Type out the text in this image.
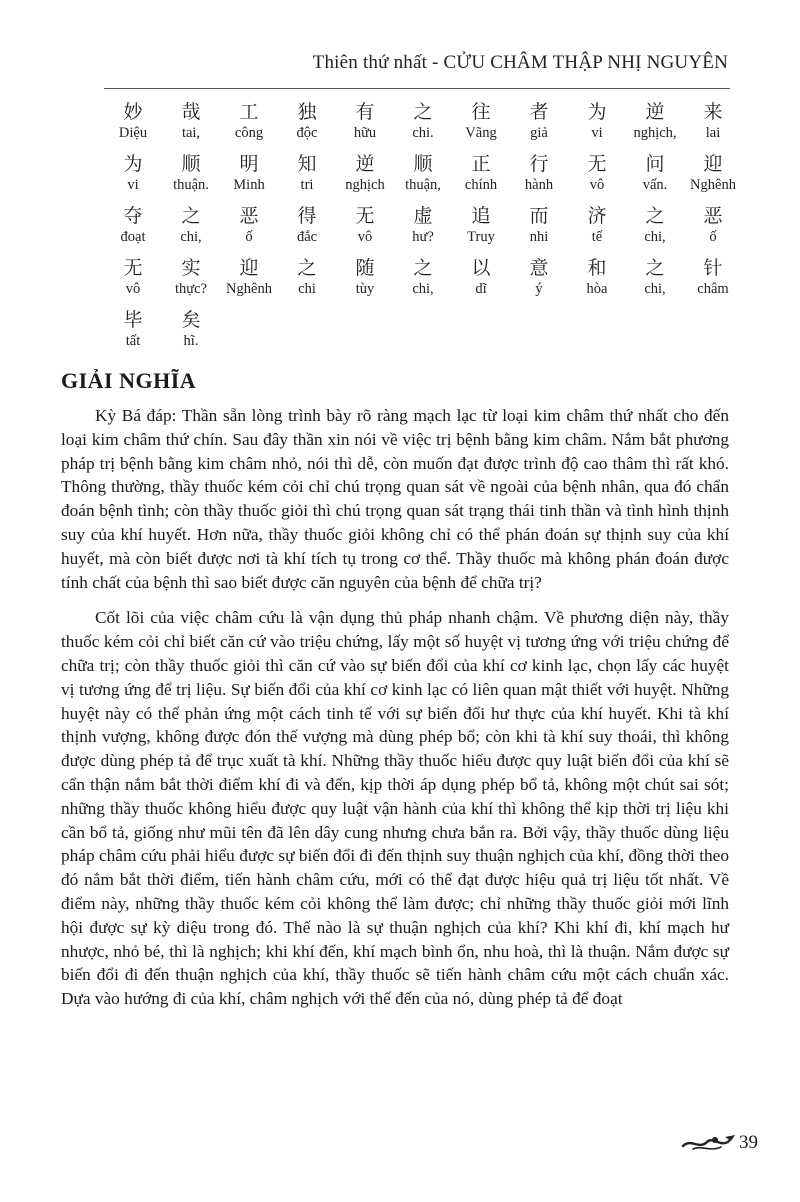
Thiên thứ nhất - CỬU CHÂM THẬP NHỊ NGUYÊN
妙
Diệu
哉
tai,
工
công
独
độc
有
hữu
之
chi.
往
Vãng
者
giả
为
vi
逆
nghịch,
来
lai
为
vi
顺
thuận.
明
Minh
知
tri
逆
nghịch
顺
thuận,
正
chính
行
hành
无
vô
问
vấn.
迎
Nghênh
夺
đoạt
之
chi,
恶
ố
得
đắc
无
vô
虚
hư?
追
Truy
而
nhi
济
tế
之
chi,
恶
ố
无
vô
实
thực?
迎
Nghênh
之
chi
随
tùy
之
chi,
以
dĩ
意
ý
和
hòa
之
chi,
针
châm
毕
tất
矣
hĩ.
GIẢI NGHĨA

Kỳ Bá đáp: Thần sẵn lòng trình bày rõ ràng mạch lạc từ loại kim châm thứ nhất cho đến loại kim châm thứ chín. Sau đây thần xin nói về việc trị bệnh bằng kim châm. Nắm bắt phương pháp trị bệnh bằng kim châm nhỏ, nói thì dễ, còn muốn đạt được trình độ cao thâm thì rất khó. Thông thường, thầy thuốc kém cỏi chỉ chú trọng quan sát về ngoài của bệnh nhân, qua đó chẩn đoán bệnh tình; còn thầy thuốc giỏi thì chú trọng quan sát trạng thái tinh thần và tình hình thịnh suy của khí huyết. Hơn nữa, thầy thuốc giỏi không chỉ có thể phán đoán sự thịnh suy của khí huyết, mà còn biết được nơi tà khí tích tụ trong cơ thể. Thầy thuốc mà không phán đoán được tính chất của bệnh thì sao biết được căn nguyên của bệnh để chữa trị?

Cốt lõi của việc châm cứu là vận dụng thủ pháp nhanh chậm. Về phương diện này, thầy thuốc kém cỏi chỉ biết căn cứ vào triệu chứng, lấy một số huyệt vị tương ứng với triệu chứng để chữa trị; còn thầy thuốc giỏi thì căn cứ vào sự biến đổi của khí cơ kinh lạc, chọn lấy các huyệt vị tương ứng để trị liệu. Sự biến đổi của khí cơ kinh lạc có liên quan mật thiết với huyệt. Những huyệt này có thể phản ứng một cách tinh tế với sự biến đổi hư thực của khí huyết. Khi tà khí thịnh vượng, không được đón thế vượng mà dùng phép bổ; còn khi tà khí suy thoái, thì không được dùng phép tả để trục xuất tà khí. Những thầy thuốc hiểu được quy luật biến đổi của khí sẽ cẩn thận nắm bắt thời điểm khí đi và đến, kịp thời áp dụng phép bổ tả, không một chút sai sót; những thầy thuốc không hiểu được quy luật vận hành của khí thì không thể kịp thời trị liệu khi cần bổ tả, giống như mũi tên đã lên dây cung nhưng chưa bắn ra. Bởi vậy, thầy thuốc dùng liệu pháp châm cứu phải hiểu được sự biến đổi đi đến thịnh suy thuận nghịch của khí, đồng thời theo đó nắm bắt thời điểm, tiến hành châm cứu, mới có thể đạt được hiệu quả trị liệu tốt nhất. Về điểm này, những thầy thuốc kém cỏi không thể làm được; chỉ những thầy thuốc giỏi mới lĩnh hội được sự kỳ diệu trong đó. Thế nào là sự thuận nghịch của khí? Khi khí đi, khí mạch hư nhược, nhỏ bé, thì là nghịch; khi khí đến, khí mạch bình ổn, nhu hoà, thì là thuận. Nắm được sự biến đổi đi đến thuận nghịch của khí, thầy thuốc sẽ tiến hành châm cứu một cách chuẩn xác. Dựa vào hướng đi của khí, châm nghịch với thế đến của nó, dùng phép tả để đoạt

39
